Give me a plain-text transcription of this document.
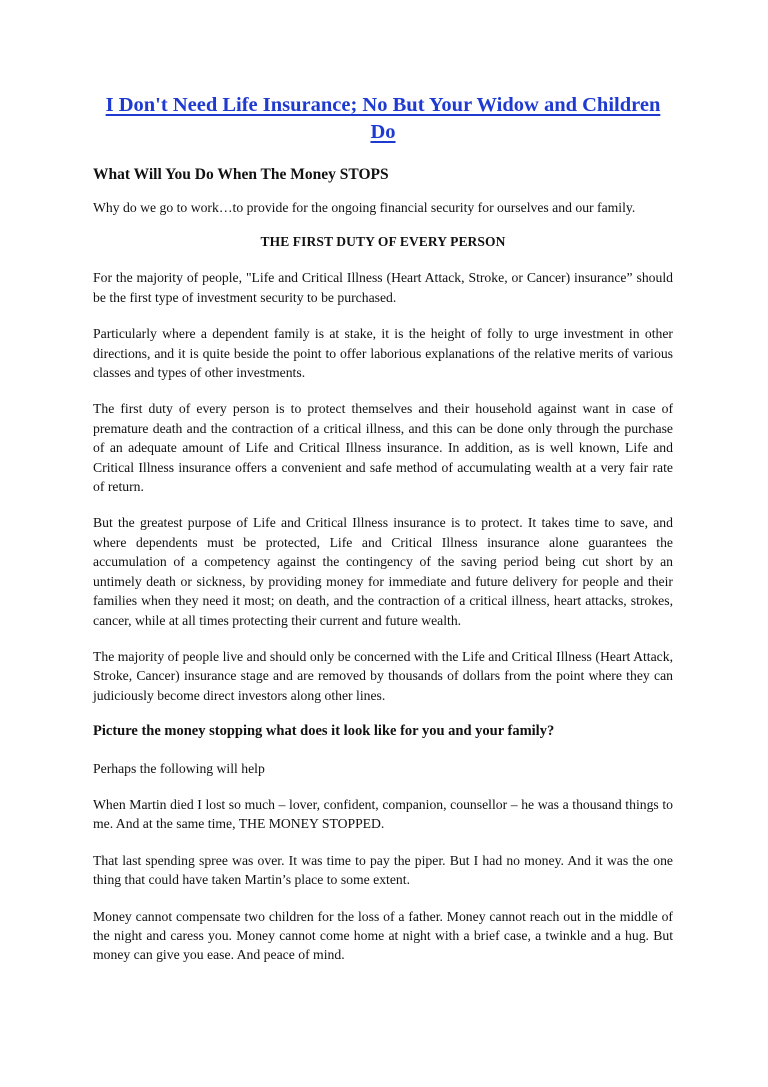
I Don't Need Life Insurance; No But Your Widow and Children Do
What Will You Do When The Money STOPS

Why do we go to work…to provide for the ongoing financial security for ourselves and our family.

THE FIRST DUTY OF EVERY PERSON

For the majority of people, "Life and Critical Illness (Heart Attack, Stroke, or Cancer) insurance” should be the first type of investment security to be purchased.

Particularly where a dependent family is at stake, it is the height of folly to urge investment in other directions, and it is quite beside the point to offer laborious explanations of the relative merits of various classes and types of other investments.

The first duty of every person is to protect themselves and their household against want in case of premature death and the contraction of a critical illness, and this can be done only through the purchase of an adequate amount of Life and Critical Illness insurance. In addition, as is well known, Life and Critical Illness insurance offers a convenient and safe method of accumulating wealth at a very fair rate of return.

But the greatest purpose of Life and Critical Illness insurance is to protect. It takes time to save, and where dependents must be protected, Life and Critical Illness insurance alone guarantees the accumulation of a competency against the contingency of the saving period being cut short by an untimely death or sickness, by providing money for immediate and future delivery for people and their families when they need it most; on death, and the contraction of a critical illness, heart attacks, strokes, cancer, while at all times protecting their current and future wealth.

The majority of people live and should only be concerned with the Life and Critical Illness (Heart Attack, Stroke, Cancer) insurance stage and are removed by thousands of dollars from the point where they can judiciously become direct investors along other lines.

Picture the money stopping what does it look like for you and your family?

Perhaps the following will help

When Martin died I lost so much – lover, confident, companion, counsellor – he was a thousand things to me. And at the same time, THE MONEY STOPPED.

That last spending spree was over. It was time to pay the piper. But I had no money. And it was the one thing that could have taken Martin’s place to some extent.

Money cannot compensate two children for the loss of a father. Money cannot reach out in the middle of the night and caress you. Money cannot come home at night with a brief case, a twinkle and a hug. But money can give you ease. And peace of mind.
